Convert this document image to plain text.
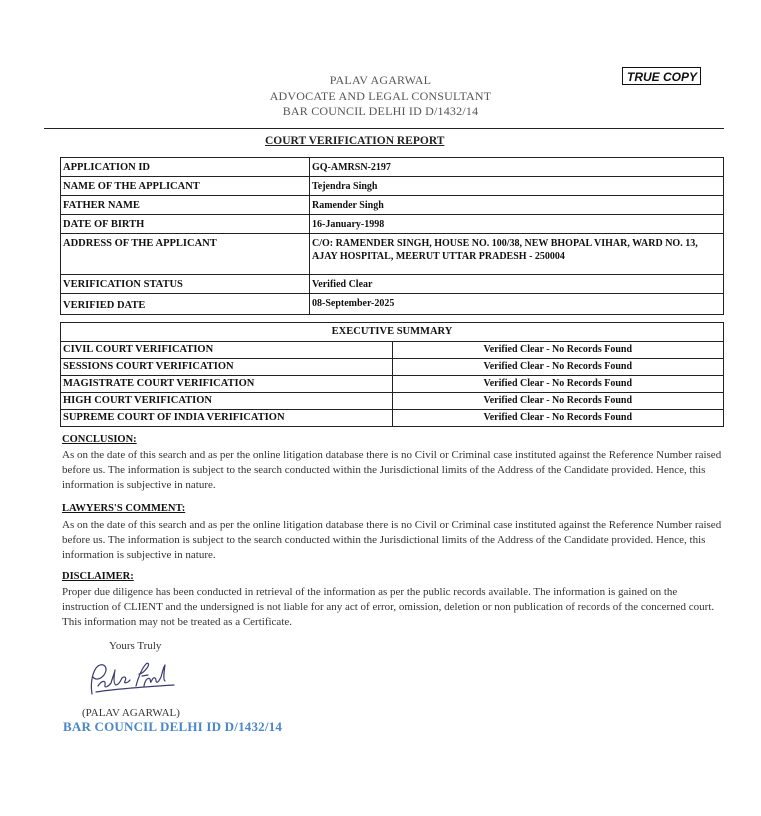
PALAV AGARWAL
ADVOCATE AND LEGAL CONSULTANT
BAR COUNCIL DELHI ID D/1432/14
TRUE COPY
COURT VERIFICATION REPORT
APPLICATION ID	GQ-AMRSN-2197
NAME OF THE APPLICANT	Tejendra Singh
FATHER NAME	Ramender Singh
DATE OF BIRTH	16-January-1998
ADDRESS OF THE APPLICANT	C/O: RAMENDER SINGH, HOUSE NO. 100/38, NEW BHOPAL VIHAR, WARD NO. 13, AJAY HOSPITAL, MEERUT UTTAR PRADESH - 250004
VERIFICATION STATUS	Verified Clear
VERIFIED DATE	08-September-2025
EXECUTIVE SUMMARY	
CIVIL COURT VERIFICATION	Verified Clear - No Records Found
SESSIONS COURT VERIFICATION	Verified Clear - No Records Found
MAGISTRATE COURT VERIFICATION	Verified Clear - No Records Found
HIGH COURT VERIFICATION	Verified Clear - No Records Found
SUPREME COURT OF INDIA VERIFICATION	Verified Clear - No Records Found
CONCLUSION:
As on the date of this search and as per the online litigation database there is no Civil or Criminal case instituted against the Reference Number raised before us. The information is subject to the search conducted within the Jurisdictional limits of the Address of the Candidate provided. Hence, this information is subjective in nature.
LAWYERS'S COMMENT:
As on the date of this search and as per the online litigation database there is no Civil or Criminal case instituted against the Reference Number raised before us. The information is subject to the search conducted within the Jurisdictional limits of the Address of the Candidate provided. Hence, this information is subjective in nature.
DISCLAIMER:
Proper due diligence has been conducted in retrieval of the information as per the public records available. The information is gained on the instruction of CLIENT and the undersigned is not liable for any act of error, omission, deletion or non publication of records of the concerned court. This information may not be treated as a Certificate.
Yours Truly
(PALAV AGARWAL)
BAR COUNCIL DELHI ID D/1432/14
